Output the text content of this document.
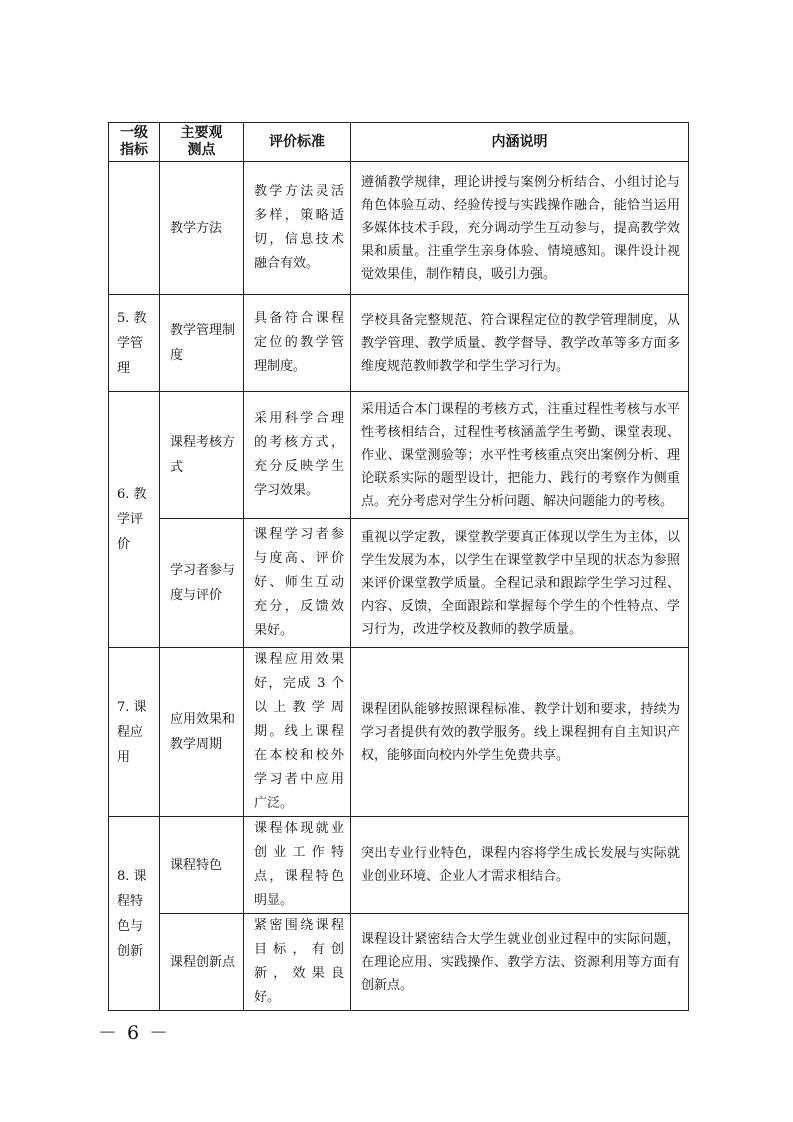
一级指标	主要观测点	评价标准	内涵说明
	教学方法	教学方法灵活多样，策略适切，信息技术融合有效。	遵循教学规律，理论讲授与案例分析结合、小组讨论与角色体验互动、经验传授与实践操作融合，能恰当运用多媒体技术手段，充分调动学生互动参与，提高教学效果和质量。注重学生亲身体验、情境感知。课件设计视觉效果佳，制作精良，吸引力强。
5. 教学管理	教学管理制度	具备符合课程定位的教学管理制度。	学校具备完整规范、符合课程定位的教学管理制度，从教学管理、教学质量、教学督导、教学改革等多方面多维度规范教师教学和学生学习行为。
6. 教学评价	课程考核方式	采用科学合理的考核方式，充分反映学生学习效果。	采用适合本门课程的考核方式，注重过程性考核与水平性考核相结合，过程性考核涵盖学生考勤、课堂表现、作业、课堂测验等；水平性考核重点突出案例分析、理论联系实际的题型设计，把能力、践行的考察作为侧重点。充分考虑对学生分析问题、解决问题能力的考核。
	学习者参与度与评价	课程学习者参与度高、评价好、师生互动充分，反馈效果好。	重视以学定教，课堂教学要真正体现以学生为主体，以学生发展为本，以学生在课堂教学中呈现的状态为参照来评价课堂教学质量。全程记录和跟踪学生学习过程、内容、反馈，全面跟踪和掌握每个学生的个性特点、学习行为，改进学校及教师的教学质量。
7. 课程应用	应用效果和教学周期	课程应用效果好，完成 3 个以上教学周期。线上课程在本校和校外学习者中应用广泛。	课程团队能够按照课程标准、教学计划和要求，持续为学习者提供有效的教学服务。线上课程拥有自主知识产权，能够面向校内外学生免费共享。
8. 课程特色与创新	课程特色	课程体现就业创业工作特点，课程特色明显。	突出专业行业特色，课程内容将学生成长发展与实际就业创业环境、企业人才需求相结合。
	课程创新点	紧密围绕课程目标，有创新，效果良好。	课程设计紧密结合大学生就业创业过程中的实际问题，在理论应用、实践操作、教学方法、资源利用等方面有创新点。
－ 6 －
